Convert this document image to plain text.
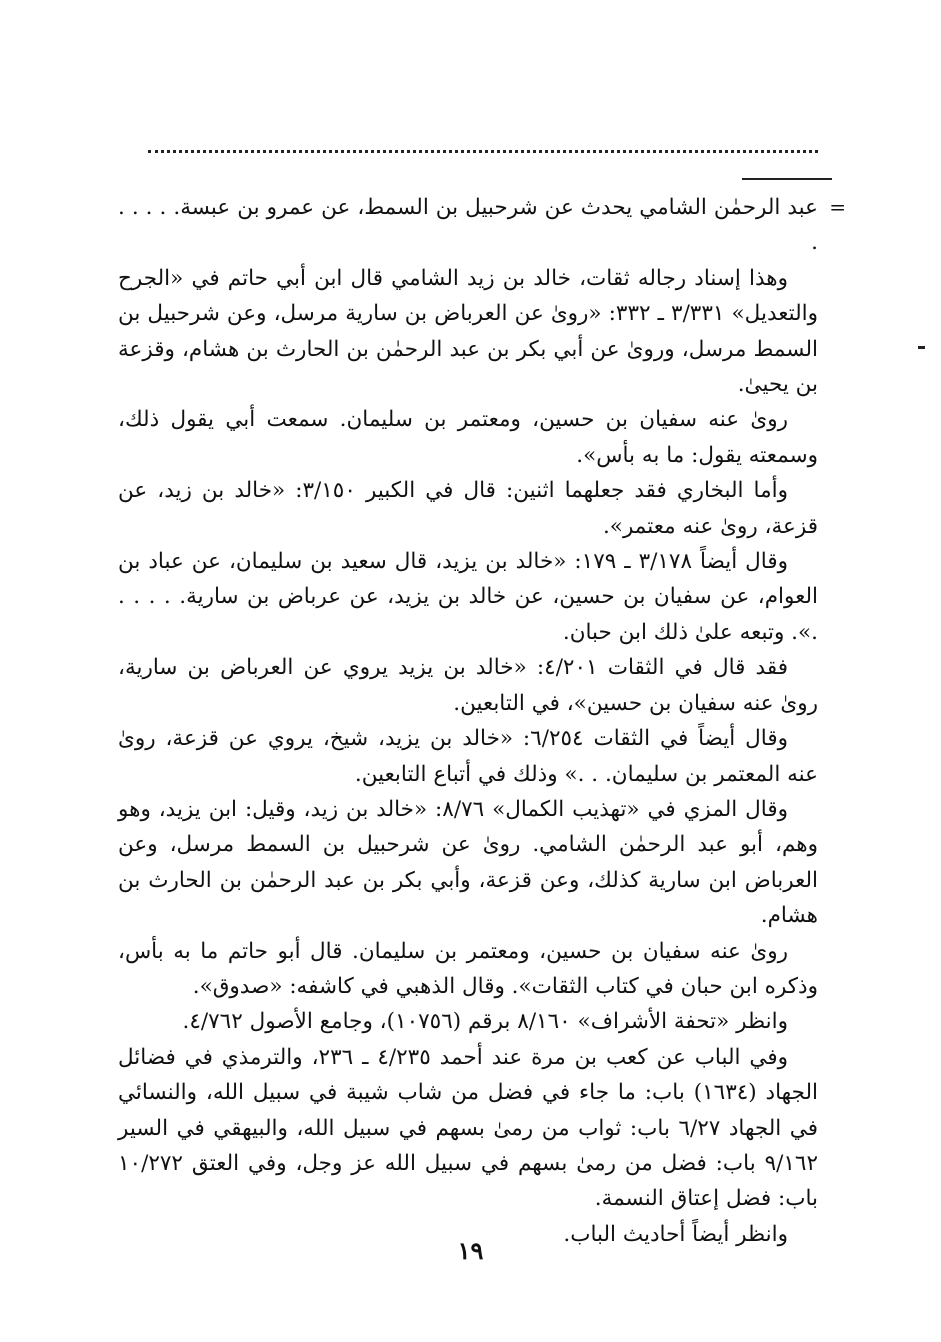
=
عبد الرحمٰن الشامي يحدث عن شرحبيل بن السمط، عن عمرو بن عبسة. . . . . .

وهذا إسناد رجاله ثقات، خالد بن زيد الشامي قال ابن أبي حاتم في «الجرح والتعديل» ٣/٣٣١ ـ ٣٣٢: «روىٰ عن العرباض بن سارية مرسل، وعن شرحبيل بن السمط مرسل، وروىٰ عن أبي بكر بن عبد الرحمٰن بن الحارث بن هشام، وقزعة بن يحيىٰ.

روىٰ عنه سفيان بن حسين، ومعتمر بن سليمان. سمعت أبي يقول ذلك، وسمعته يقول: ما به بأس».

وأما البخاري فقد جعلهما اثنين: قال في الكبير ٣/١٥٠: «خالد بن زيد، عن قزعة، روىٰ عنه معتمر».

وقال أيضاً ٣/١٧٨ ـ ١٧٩: «خالد بن يزيد، قال سعيد بن سليمان، عن عباد بن العوام، عن سفيان بن حسين، عن خالد بن يزيد، عن عرباض بن سارية. . . . . .». وتبعه علىٰ ذلك ابن حبان.

فقد قال في الثقات ٤/٢٠١: «خالد بن يزيد يروي عن العرباض بن سارية، روىٰ عنه سفيان بن حسين»، في التابعين.

وقال أيضاً في الثقات ٦/٢٥٤: «خالد بن يزيد، شيخ، يروي عن قزعة، روىٰ عنه المعتمر بن سليمان. . .» وذلك في أتباع التابعين.

وقال المزي في «تهذيب الكمال» ٨/٧٦: «خالد بن زيد، وقيل: ابن يزيد، وهو وهم، أبو عبد الرحمٰن الشامي. روىٰ عن شرحبيل بن السمط مرسل، وعن العرباض ابن سارية كذلك، وعن قزعة، وأبي بكر بن عبد الرحمٰن بن الحارث بن هشام.

روىٰ عنه سفيان بن حسين، ومعتمر بن سليمان. قال أبو حاتم ما به بأس، وذكره ابن حبان في كتاب الثقات». وقال الذهبي في كاشفه: «صدوق».

وانظر «تحفة الأشراف» ٨/١٦٠ برقم (١٠٧٥٦)، وجامع الأصول ٤/٧٦٢.

وفي الباب عن كعب بن مرة عند أحمد ٤/٢٣٥ ـ ٢٣٦، والترمذي في فضائل الجهاد (١٦٣٤) باب: ما جاء في فضل من شاب شيبة في سبيل الله، والنسائي في الجهاد ٦/٢٧ باب: ثواب من رمىٰ بسهم في سبيل الله، والبيهقي في السير ٩/١٦٢ باب: فضل من رمىٰ بسهم في سبيل الله عز وجل، وفي العتق ١٠/٢٧٢ باب: فضل إعتاق النسمة.

وانظر أيضاً أحاديث الباب.

١٩
